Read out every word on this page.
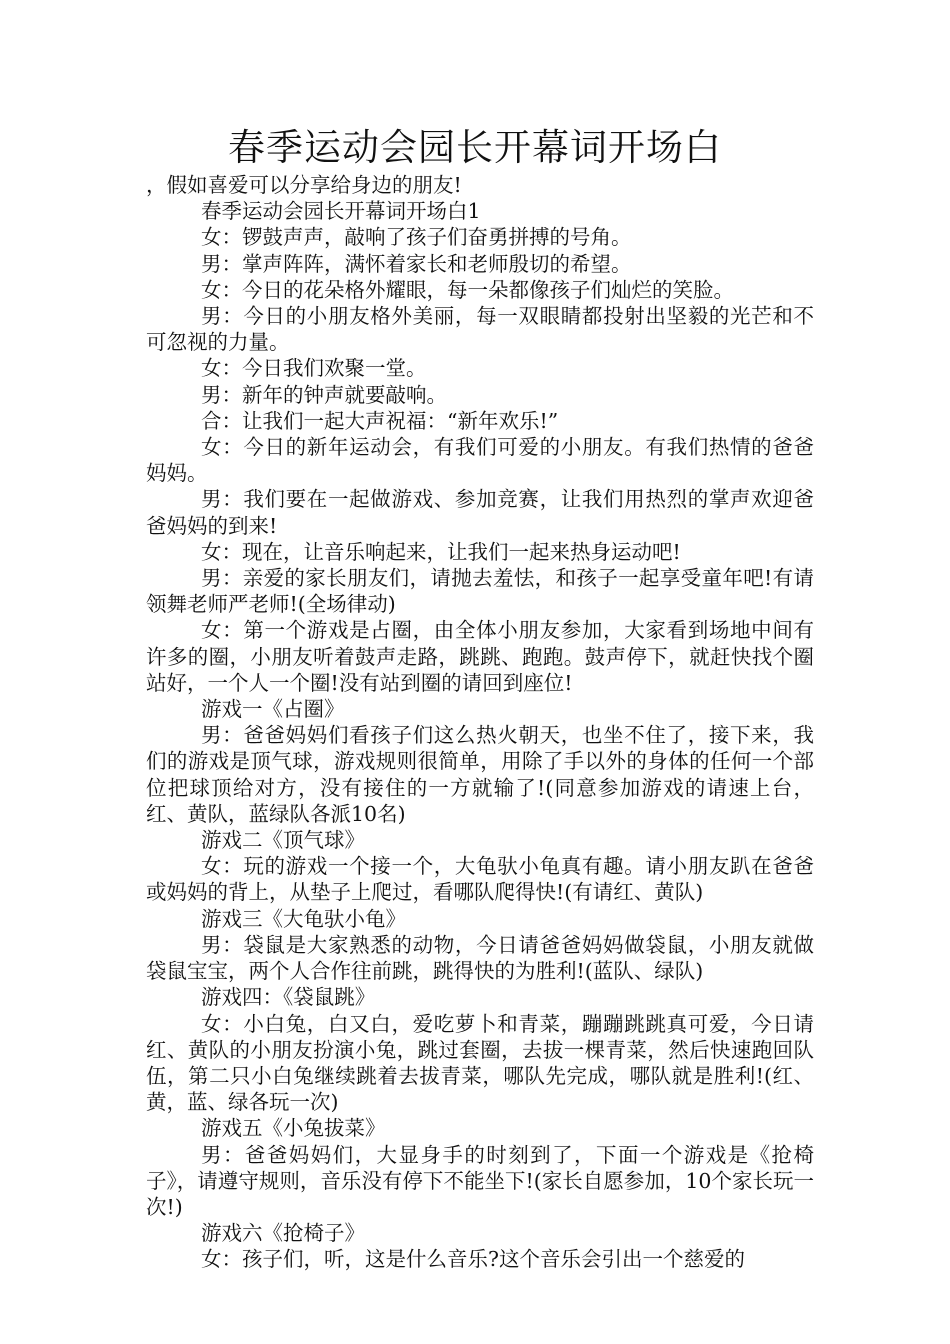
春季运动会园长开幕词开场白

，假如喜爱可以分享给身边的朋友!

春季运动会园长开幕词开场白1

女：锣鼓声声，敲响了孩子们奋勇拼搏的号角。

男：掌声阵阵，满怀着家长和老师殷切的希望。

女：今日的花朵格外耀眼，每一朵都像孩子们灿烂的笑脸。

男：今日的小朋友格外美丽，每一双眼睛都投射出坚毅的光芒和不可忽视的力量。

女：今日我们欢聚一堂。

男：新年的钟声就要敲响。

合：让我们一起大声祝福：“新年欢乐!”

女：今日的新年运动会，有我们可爱的小朋友。有我们热情的爸爸妈妈。

男：我们要在一起做游戏、参加竞赛，让我们用热烈的掌声欢迎爸爸妈妈的到来!

女：现在，让音乐响起来，让我们一起来热身运动吧!

男：亲爱的家长朋友们，请抛去羞怯，和孩子一起享受童年吧!有请领舞老师严老师!(全场律动)

女：第一个游戏是占圈，由全体小朋友参加，大家看到场地中间有许多的圈，小朋友听着鼓声走路，跳跳、跑跑。鼓声停下，就赶快找个圈站好，一个人一个圈!没有站到圈的请回到座位!

游戏一《占圈》

男：爸爸妈妈们看孩子们这么热火朝天，也坐不住了，接下来，我们的游戏是顶气球，游戏规则很简单，用除了手以外的身体的任何一个部位把球顶给对方，没有接住的一方就输了!(同意参加游戏的请速上台，红、黄队，蓝绿队各派10名)

游戏二《顶气球》

女：玩的游戏一个接一个，大龟驮小龟真有趣。请小朋友趴在爸爸或妈妈的背上，从垫子上爬过，看哪队爬得快!(有请红、黄队)

游戏三《大龟驮小龟》

男：袋鼠是大家熟悉的动物，今日请爸爸妈妈做袋鼠，小朋友就做袋鼠宝宝，两个人合作往前跳，跳得快的为胜利!(蓝队、绿队)

游戏四：《袋鼠跳》

女：小白兔，白又白，爱吃萝卜和青菜，蹦蹦跳跳真可爱，今日请红、黄队的小朋友扮演小兔，跳过套圈，去拔一棵青菜，然后快速跑回队伍，第二只小白兔继续跳着去拔青菜，哪队先完成，哪队就是胜利!(红、黄，蓝、绿各玩一次)

游戏五《小兔拔菜》

男：爸爸妈妈们，大显身手的时刻到了，下面一个游戏是《抢椅子》，请遵守规则，音乐没有停下不能坐下!(家长自愿参加，10个家长玩一次!)

游戏六《抢椅子》

女：孩子们，听，这是什么音乐?这个音乐会引出一个慈爱的
